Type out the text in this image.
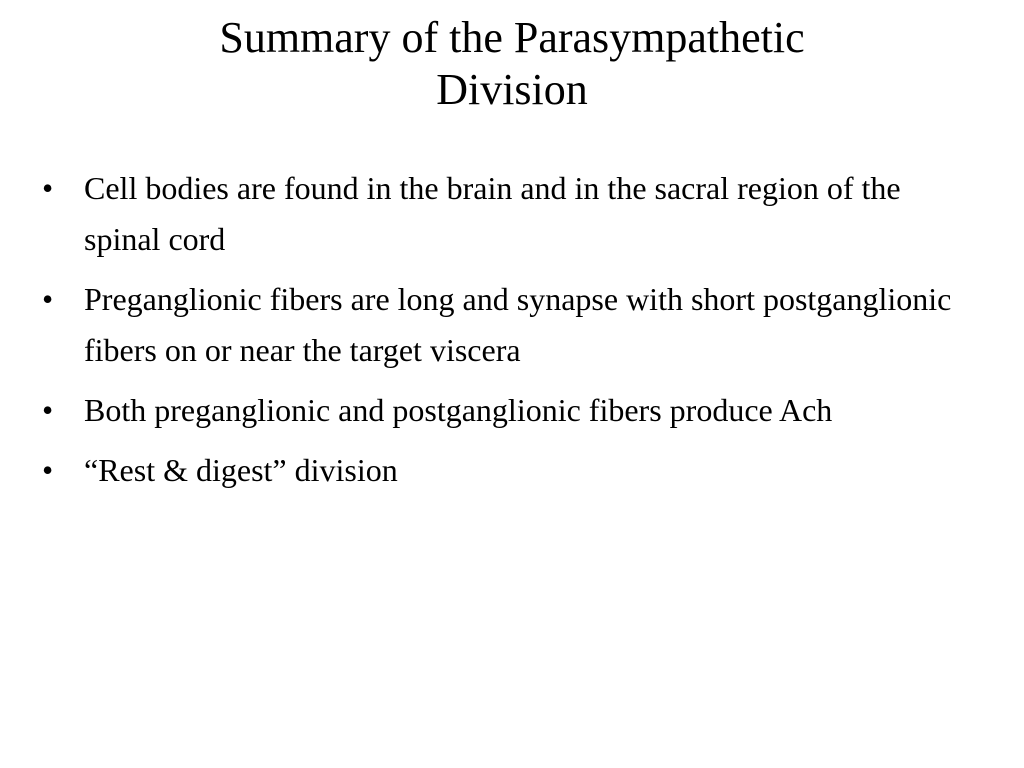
Summary of the Parasympathetic
Division
• Cell bodies are found in the brain and in the sacral region of the spinal cord
• Preganglionic fibers are long and synapse with short postganglionic fibers on or near the target viscera
• Both preganglionic and postganglionic fibers produce Ach
• “Rest & digest” division
